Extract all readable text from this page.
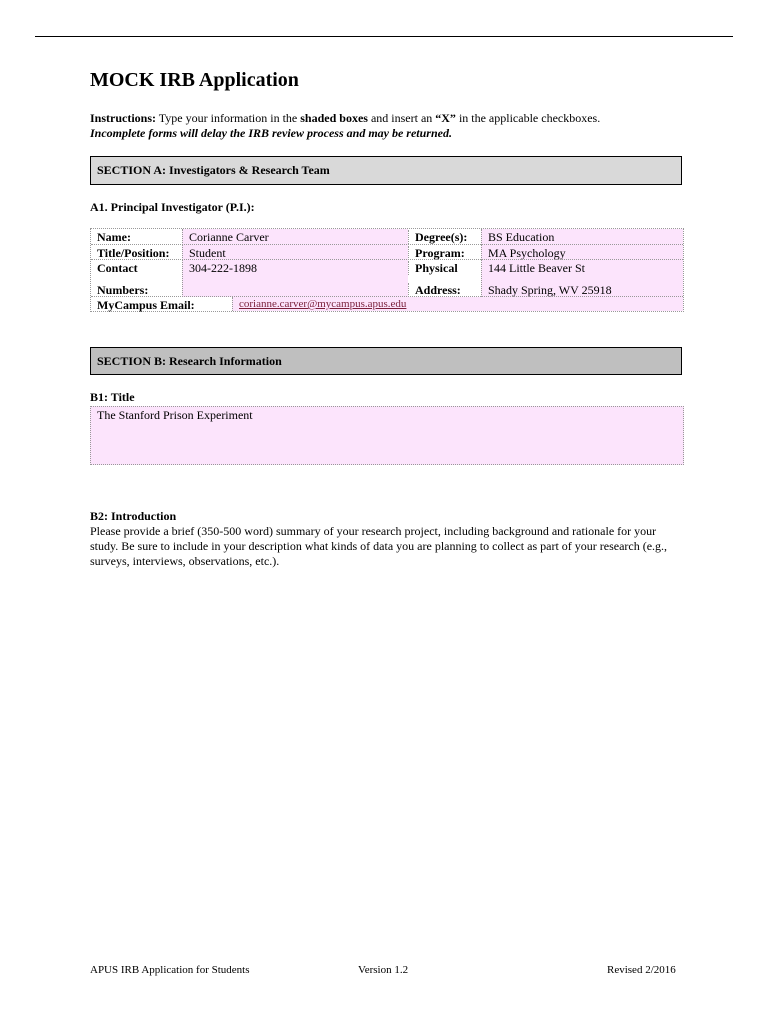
MOCK IRB Application
Instructions: Type your information in the shaded boxes and insert an “X” in the applicable checkboxes.
Incomplete forms will delay the IRB review process and may be returned.
SECTION A: Investigators & Research Team
A1. Principal Investigator (P.I.):
Name:
Title/Position:
Contact
Numbers:
MyCampus Email:
Corianne Carver
Student
304-222-1898
Degree(s):
Program:
Physical
Address:
BS Education
MA Psychology
144 Little Beaver St
Shady Spring, WV 25918
corianne.carver@mycampus.apus.edu
SECTION B: Research Information
B1: Title
The Stanford Prison Experiment
B2: Introduction
Please provide a brief (350-500 word) summary of your research project, including background and rationale for your study. Be sure to include in your description what kinds of data you are planning to collect as part of your research (e.g., surveys, interviews, observations, etc.).
APUS IRB Application for Students	Version 1.2	Revised 2/2016
